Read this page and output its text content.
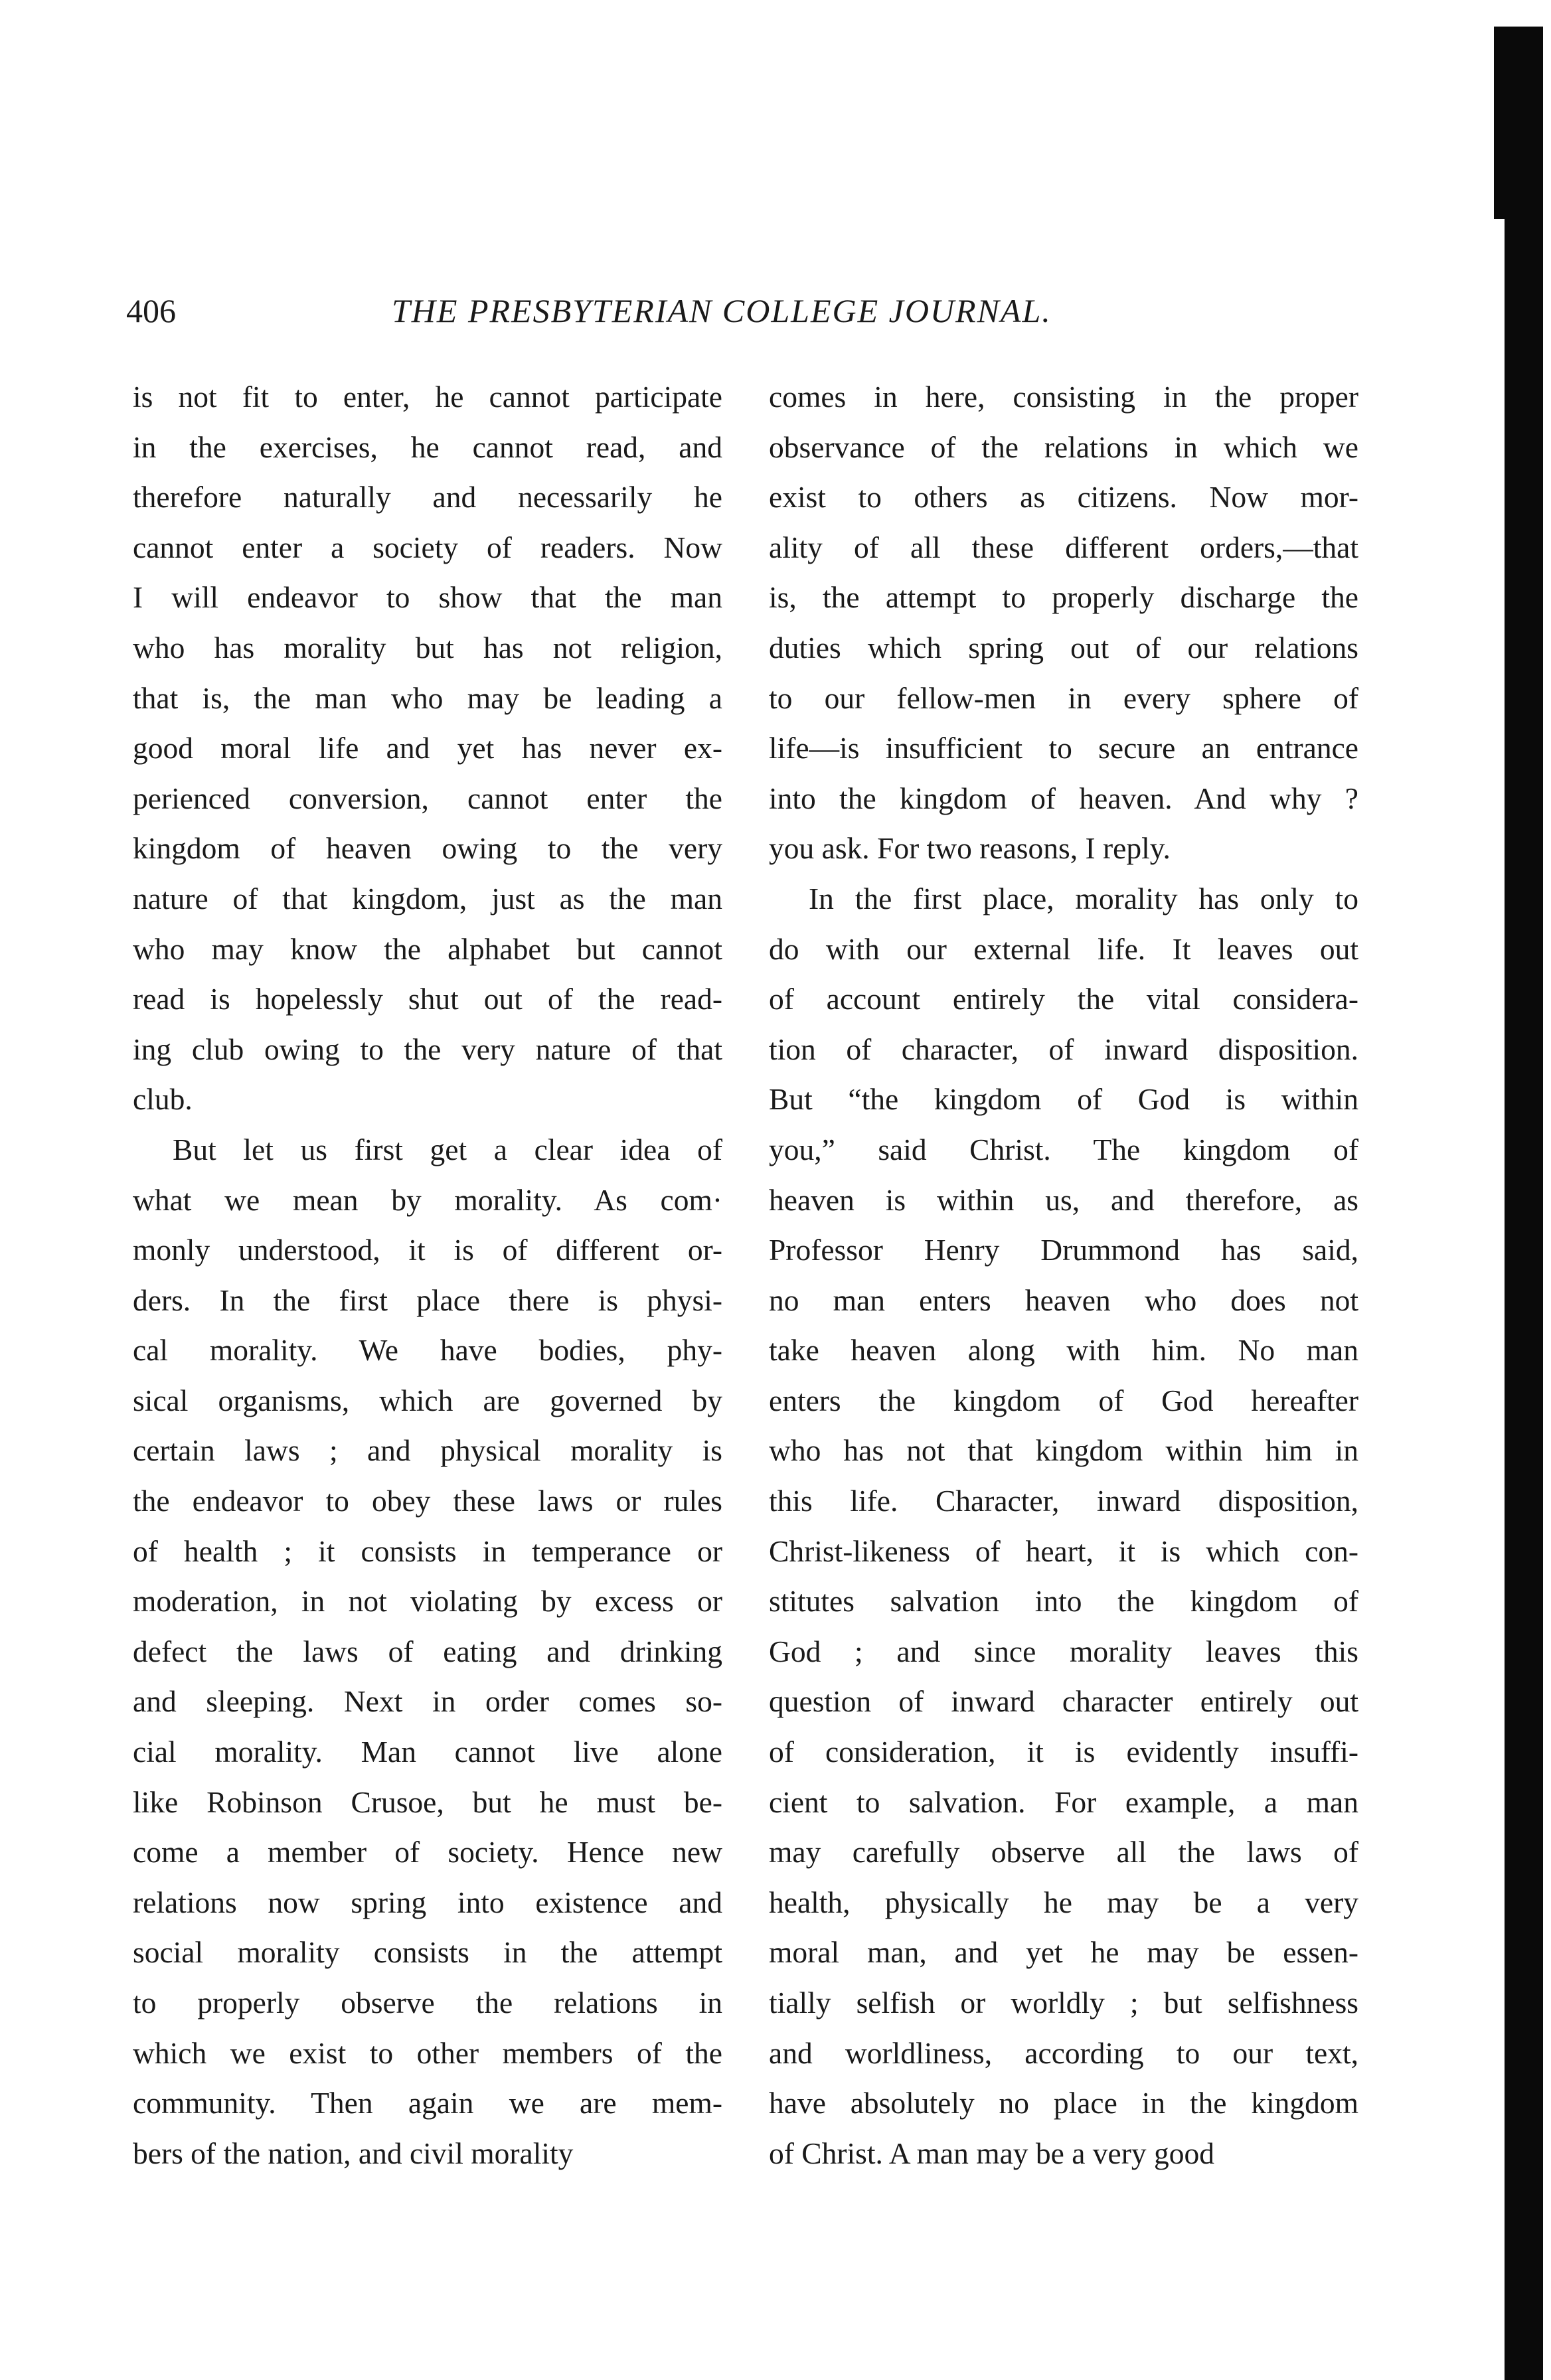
406	THE PRESBYTERIAN COLLEGE JOURNAL.
is not fit to enter, he cannot participate
in the exercises, he cannot read, and
therefore naturally and necessarily he
cannot enter a society of readers. Now
I will endeavor to show that the man
who has morality but has not religion,
that is, the man who may be leading a
good moral life and yet has never ex-
perienced conversion, cannot enter the
kingdom of heaven owing to the very
nature of that kingdom, just as the man
who may know the alphabet but cannot
read is hopelessly shut out of the read-
ing club owing to the very nature of that
club.
But let us first get a clear idea of
what we mean by morality. As com·
monly understood, it is of different or-
ders. In the first place there is physi-
cal morality. We have bodies, phy-
sical organisms, which are governed by
certain laws ; and physical morality is
the endeavor to obey these laws or rules
of health ; it consists in temperance or
moderation, in not violating by excess or
defect the laws of eating and drinking
and sleeping. Next in order comes so-
cial morality. Man cannot live alone
like Robinson Crusoe, but he must be-
come a member of society. Hence new
relations now spring into existence and
social morality consists in the attempt
to properly observe the relations in
which we exist to other members of the
community. Then again we are mem-
bers of the nation, and civil morality
comes in here, consisting in the proper
observance of the relations in which we
exist to others as citizens. Now mor-
ality of all these different orders,—that
is, the attempt to properly discharge the
duties which spring out of our relations
to our fellow-men in every sphere of
life—is insufficient to secure an entrance
into the kingdom of heaven. And why ?
you ask. For two reasons, I reply.
In the first place, morality has only to
do with our external life. It leaves out
of account entirely the vital considera-
tion of character, of inward disposition.
But “the kingdom of God is within
you,” said Christ. The kingdom of
heaven is within us, and therefore, as
Professor Henry Drummond has said,
no man enters heaven who does not
take heaven along with him. No man
enters the kingdom of God hereafter
who has not that kingdom within him in
this life. Character, inward disposition,
Christ-likeness of heart, it is which con-
stitutes salvation into the kingdom of
God ; and since morality leaves this
question of inward character entirely out
of consideration, it is evidently insuffi-
cient to salvation. For example, a man
may carefully observe all the laws of
health, physically he may be a very
moral man, and yet he may be essen-
tially selfish or worldly ; but selfishness
and worldliness, according to our text,
have absolutely no place in the kingdom
of Christ. A man may be a very good
